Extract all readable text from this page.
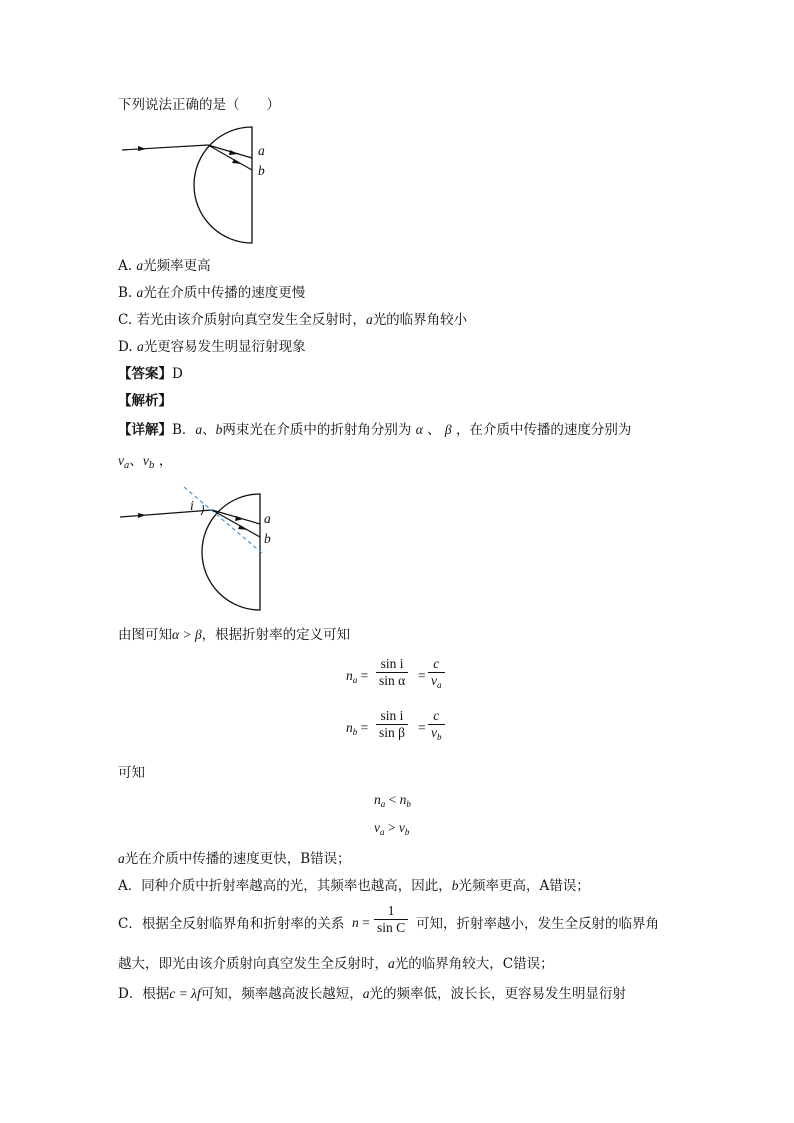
下列说法正确的是（　　）
a
b
A. a光频率更高
B. a光在介质中传播的速度更慢
C. 若光由该介质射向真空发生全反射时，a光的临界角较小
D. a光更容易发生明显衍射现象
【答案】D
【解析】
【详解】B．a、b两束光在介质中的折射角分别为 α 、 β ，在介质中传播的速度分别为
$v_a$、$v_b$ ，
i
a
b
由图可知α > β，根据折射率的定义可知
$n_a = \frac{\text{sin i}}{\text{sin α}} = \frac{c}{v_a}$
$n_b = \frac{\text{sin i}}{\text{sin β}} = \frac{c}{v_b}$
可知
$n_a < n_b$
$v_a > v_b$
a光在介质中传播的速度更快，B错误；
A．同种介质中折射率越高的光，其频率也越高，因此，b光频率更高，A错误；
C．根据全反射临界角和折射率的关系 $n = \frac{1}{\text{sin C}}$ 可知，折射率越小，发生全反射的临界角
越大，即光由该介质射向真空发生全反射时，a光的临界角较大，C错误；
D．根据c = λf可知，频率越高波长越短，a光的频率低，波长长，更容易发生明显衍射
